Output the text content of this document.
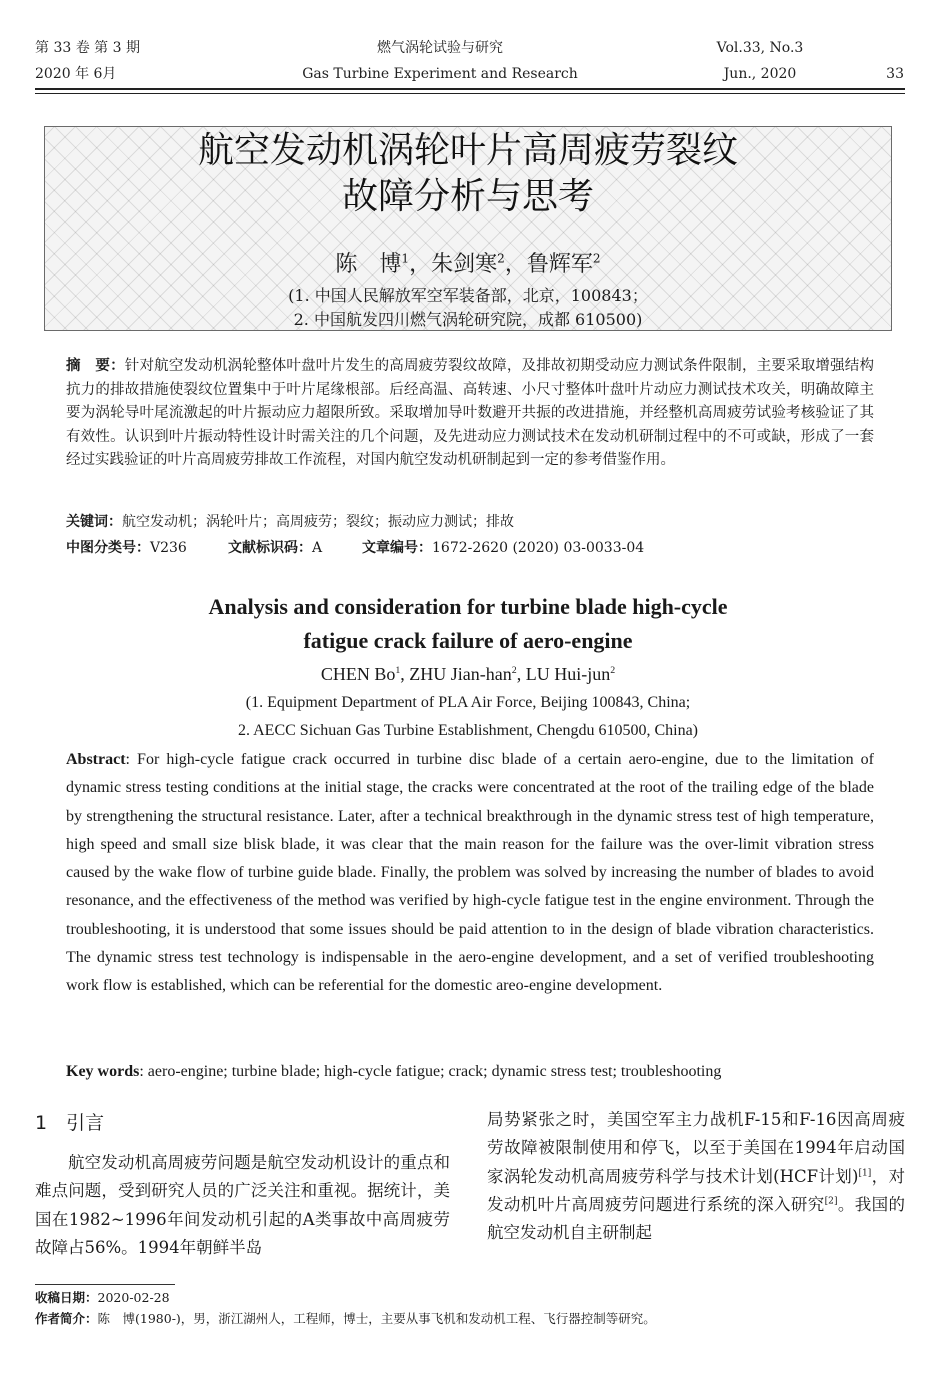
第 33 卷 第 3 期
2020 年 6月
燃气涡轮试验与研究
Gas Turbine Experiment and Research
Vol.33, No.3
Jun., 2020	33
航空发动机涡轮叶片高周疲劳裂纹
故障分析与思考
陈　博$^1$，朱剑寒$^2$，鲁辉军$^2$
(1. 中国人民解放军空军装备部，北京，100843；
2. 中国航发四川燃气涡轮研究院，成都 610500)
摘　要：针对航空发动机涡轮整体叶盘叶片发生的高周疲劳裂纹故障，及排故初期受动应力测试条件限制，主要采取增强结构抗力的排故措施使裂纹位置集中于叶片尾缘根部。后经高温、高转速、小尺寸整体叶盘叶片动应力测试技术攻关，明确故障主要为涡轮导叶尾流激起的叶片振动应力超限所致。采取增加导叶数避开共振的改进措施，并经整机高周疲劳试验考核验证了其有效性。认识到叶片振动特性设计时需关注的几个问题，及先进动应力测试技术在发动机研制过程中的不可或缺，形成了一套经过实践验证的叶片高周疲劳排故工作流程，对国内航空发动机研制起到一定的参考借鉴作用。
关键词：航空发动机；涡轮叶片；高周疲劳；裂纹；振动应力测试；排故
中图分类号：V236	文献标识码：A	文章编号：1672-2620 (2020) 03-0033-04
Analysis and consideration for turbine blade high-cycle
fatigue crack failure of aero-engine
CHEN Bo$^1$, ZHU Jian-han$^2$, LU Hui-jun$^2$
(1. Equipment Department of PLA Air Force, Beijing 100843, China;
2. AECC Sichuan Gas Turbine Establishment, Chengdu 610500, China)
Abstract: For high-cycle fatigue crack occurred in turbine disc blade of a certain aero-engine, due to the limitation of dynamic stress testing conditions at the initial stage, the cracks were concentrated at the root of the trailing edge of the blade by strengthening the structural resistance. Later, after a technical breakthrough in the dynamic stress test of high temperature, high speed and small size blisk blade, it was clear that the main reason for the failure was the over-limit vibration stress caused by the wake flow of turbine guide blade. Finally, the problem was solved by increasing the number of blades to avoid resonance, and the effectiveness of the method was verified by high-cycle fatigue test in the engine environment. Through the troubleshooting, it is understood that some issues should be paid attention to in the design of blade vibration characteristics. The dynamic stress test technology is indispensable in the aero-engine development, and a set of verified troubleshooting work flow is established, which can be referential for the domestic areo-engine development.
Key words: aero-engine; turbine blade; high-cycle fatigue; crack; dynamic stress test; troubleshooting
1　引言

航空发动机高周疲劳问题是航空发动机设计的重点和难点问题，受到研究人员的广泛关注和重视。据统计，美国在1982~1996年间发动机引起的A类事故中高周疲劳故障占56%。1994年朝鲜半岛

局势紧张之时，美国空军主力战机F-15和F-16因高周疲劳故障被限制使用和停飞，以至于美国在1994年启动国家涡轮发动机高周疲劳科学与技术计划(HCF计划)[1]，对发动机叶片高周疲劳问题进行系统的深入研究[2]。我国的航空发动机自主研制起

收稿日期：2020-02-28
作者简介：陈　博(1980-)，男，浙江湖州人，工程师，博士，主要从事飞机和发动机工程、飞行器控制等研究。
